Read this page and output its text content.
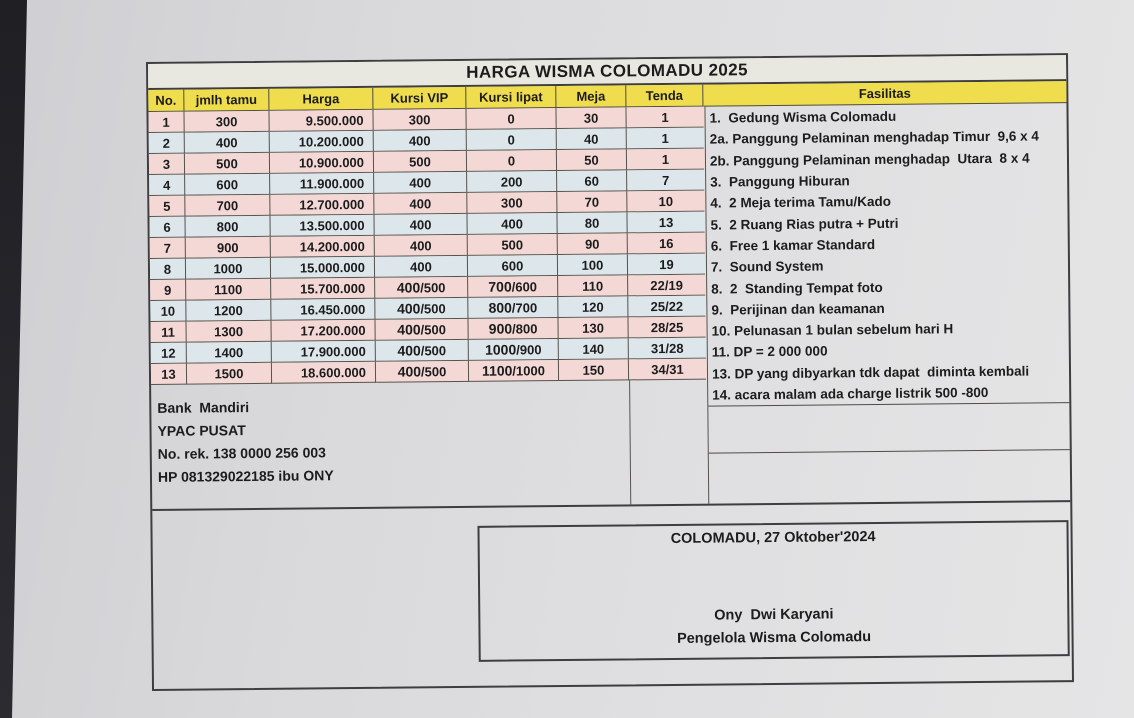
HARGA WISMA COLOMADU 2025
No.	jmlh tamu	Harga	Kursi VIP	Kursi lipat	Meja	Tenda	Fasilitas
1	300	9.500.000	300	0	30	1
2	400	10.200.000	400	0	40	1
3	500	10.900.000	500	0	50	1
4	600	11.900.000	400	200	60	7
5	700	12.700.000	400	300	70	10
6	800	13.500.000	400	400	80	13
7	900	14.200.000	400	500	90	16
8	1000	15.000.000	400	600	100	19
9	1100	15.700.000	400 /500	700 /600	110	22/19
10	1200	16.450.000	400 /500	800 /700	120	25/22
11	1300	17.200.000	400 /500	900 /800	130	28/25
12	1400	17.900.000	400 /500	1000 /900	140	31/28
13	1500	18.600.000	400 /500	1100 /1000	150	34/31
Bank  Mandiri
YPAC PUSAT
No. rek. 138 0000 256 003
HP 081329022185 ibu ONY
1.  Gedung Wisma Colomadu
2a. Panggung Pelaminan menghadap Timur  9,6 x 4
2b. Panggung Pelaminan menghadap  Utara  8 x 4
3.  Panggung Hiburan
4.  2 Meja terima Tamu/Kado
5.  2 Ruang Rias putra + Putri
6.  Free 1 kamar Standard
7.  Sound System
8.  2  Standing Tempat foto
9.  Perijinan dan keamanan
10. Pelunasan 1 bulan sebelum hari H
11. DP = 2 000 000
13. DP yang dibyarkan tdk dapat  diminta kembali
14. acara malam ada charge listrik 500 -800
COLOMADU, 27 Oktober'2024
Ony  Dwi Karyani
Pengelola Wisma Colomadu
